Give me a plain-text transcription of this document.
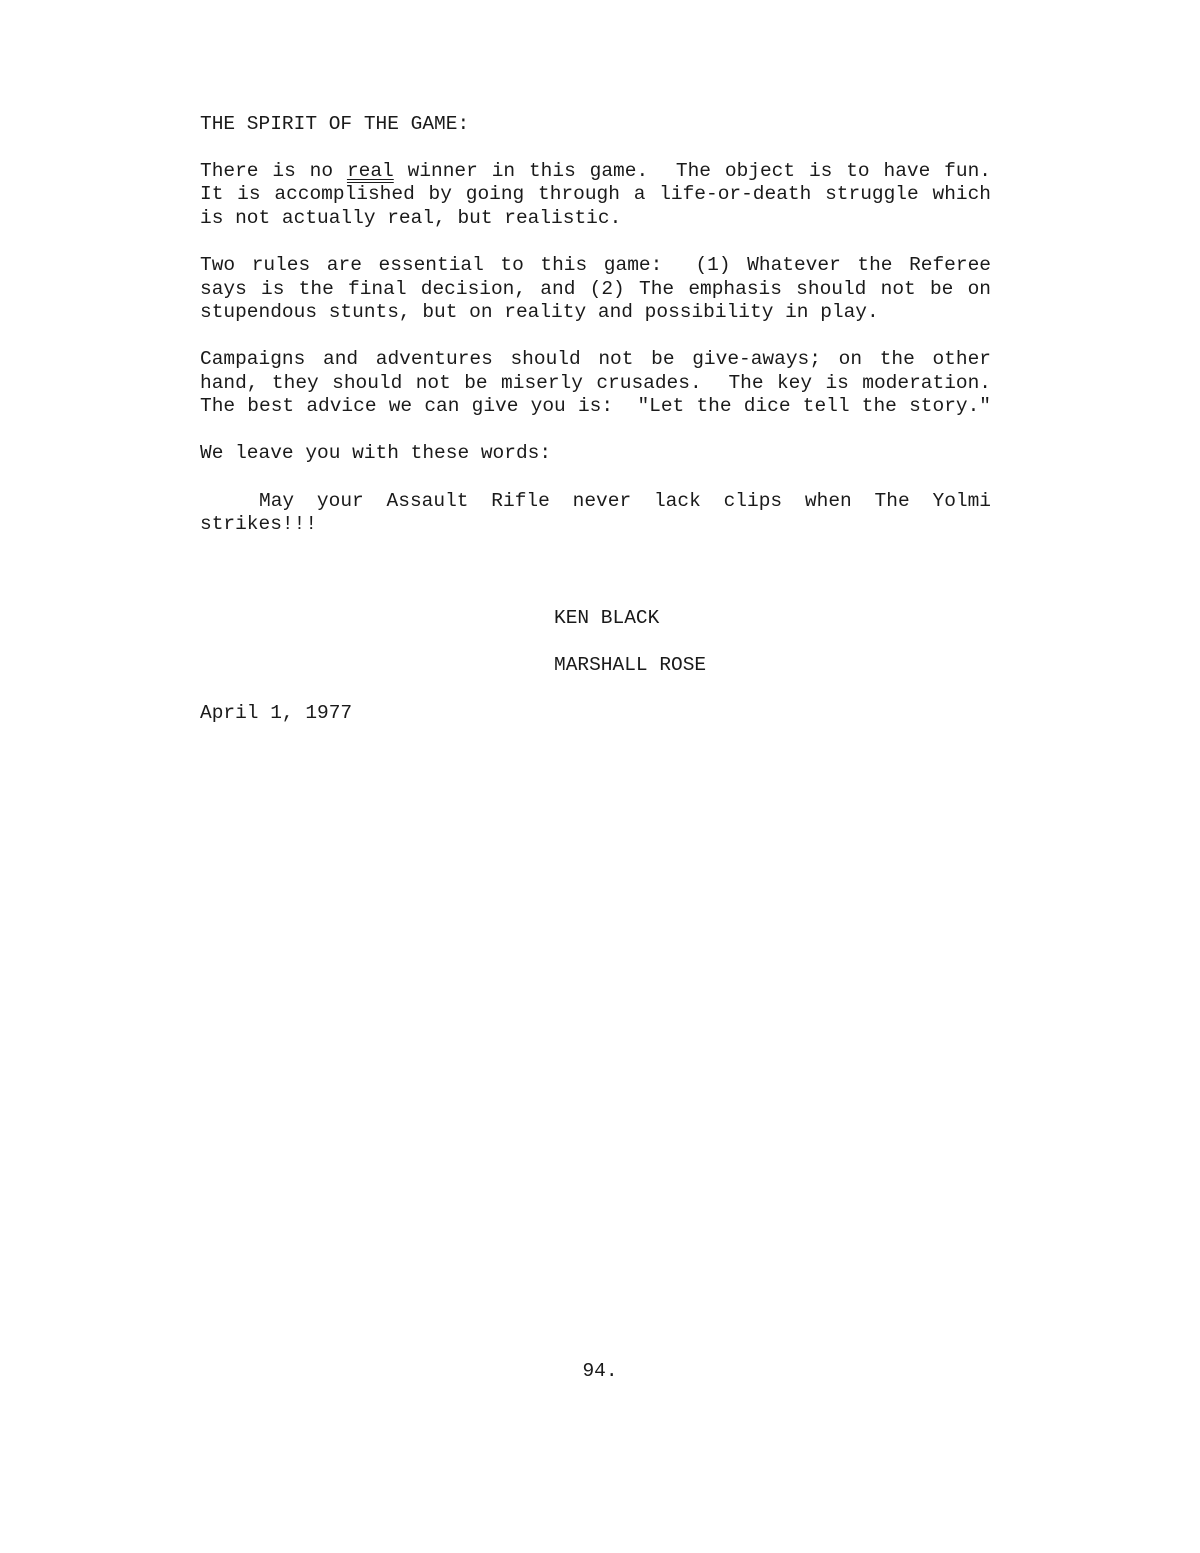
THE SPIRIT OF THE GAME:
There is no real winner in this game.  The object is to have fun.
It is accomplished by going through a life-or-death struggle which
is not actually real, but realistic.
Two rules are essential to this game:  (1) Whatever the Referee
says is the final decision, and (2) The emphasis should not be on
stupendous stunts, but on reality and possibility in play.
Campaigns and adventures should not be give-aways; on the other
hand, they should not be miserly crusades.  The key is moderation.
The best advice we can give you is:  "Let the dice tell the story."
We leave you with these words:
May your Assault Rifle never lack clips when The Yolmi
strikes!!!
KEN BLACK
MARSHALL ROSE
April 1, 1977
94.
